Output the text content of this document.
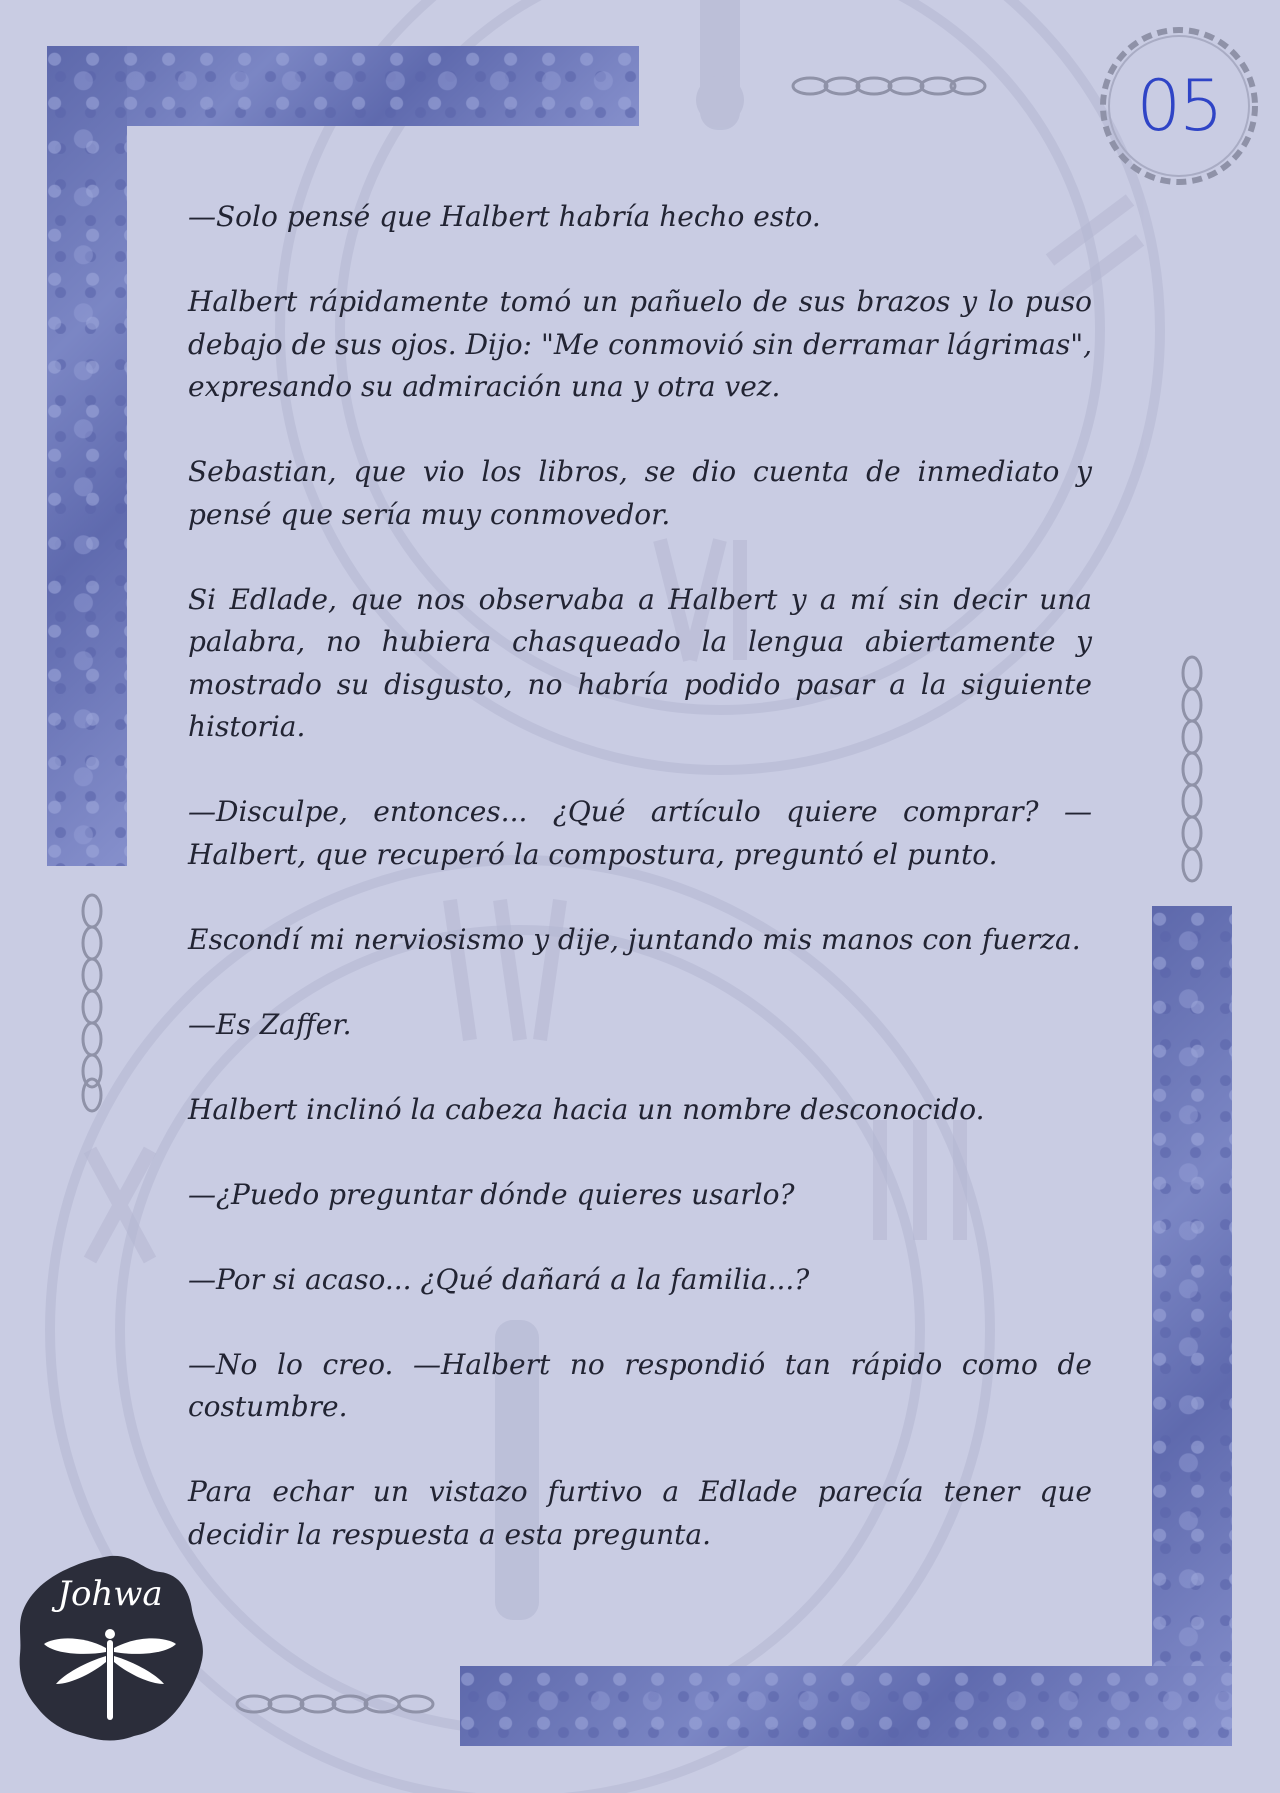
05

—Solo pensé que Halbert habría hecho esto.

Halbert rápidamente tomó un pañuelo de sus brazos y lo puso debajo de sus ojos. Dijo: "Me conmovió sin derramar lágrimas", expresando su admiración una y otra vez.

Sebastian, que vio los libros, se dio cuenta de inmediato y pensé que sería muy conmovedor.

Si Edlade, que nos observaba a Halbert y a mí sin decir una palabra, no hubiera chasqueado la lengua abiertamente y mostrado su disgusto, no habría podido pasar a la siguiente historia.

—Disculpe, entonces... ¿Qué artículo quiere comprar? —Halbert, que recuperó la compostura, preguntó el punto.

Escondí mi nerviosismo y dije, juntando mis manos con fuerza.

—Es Zaffer.

Halbert inclinó la cabeza hacia un nombre desconocido.

—¿Puedo preguntar dónde quieres usarlo?

—Por si acaso... ¿Qué dañará a la familia...?

—No lo creo. —Halbert no respondió tan rápido como de costumbre.

Para echar un vistazo furtivo a Edlade parecía tener que decidir la respuesta a esta pregunta.

Johwa
